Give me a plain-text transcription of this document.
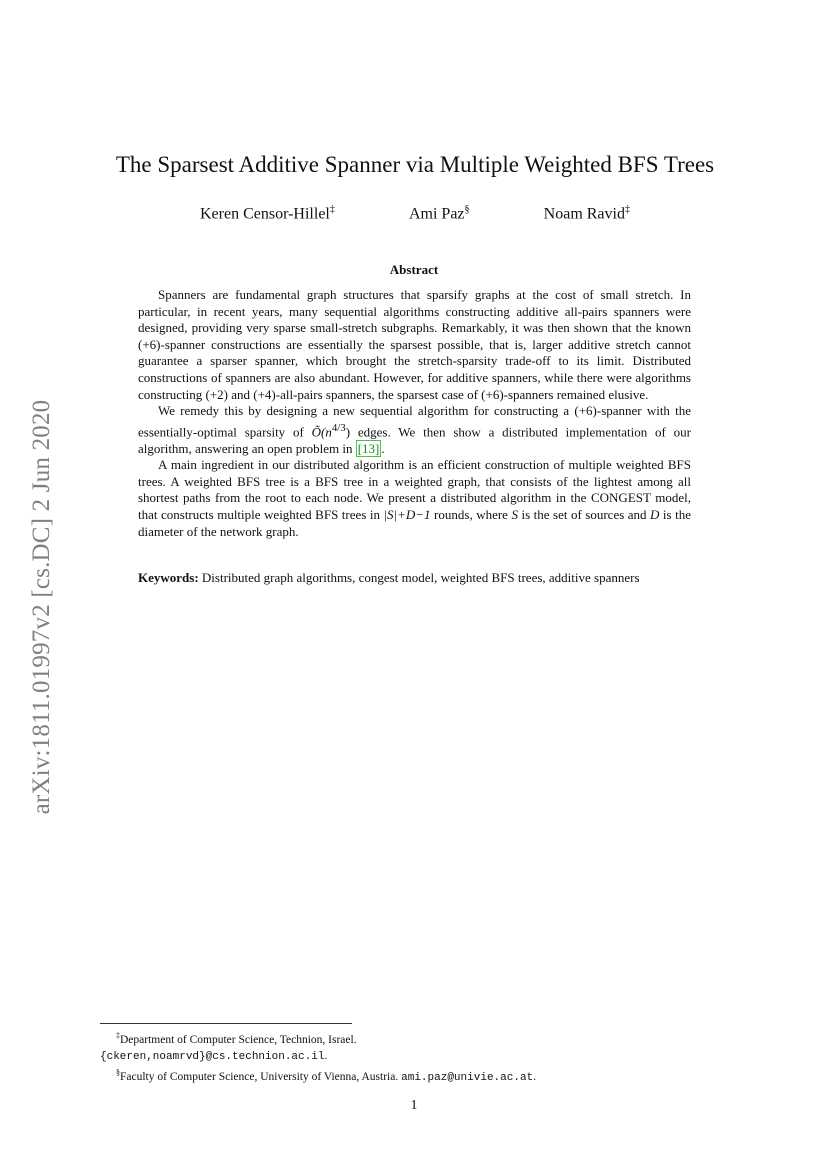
arXiv:1811.01997v2 [cs.DC] 2 Jun 2020
The Sparsest Additive Spanner via Multiple Weighted BFS Trees
Keren Censor-Hillel‡	Ami Paz§	Noam Ravid‡
Abstract

Spanners are fundamental graph structures that sparsify graphs at the cost of small stretch. In particular, in recent years, many sequential algorithms constructing additive all-pairs spanners were designed, providing very sparse small-stretch subgraphs. Remarkably, it was then shown that the known (+6)-spanner constructions are essentially the sparsest possible, that is, larger additive stretch cannot guarantee a sparser spanner, which brought the stretch-sparsity trade-off to its limit. Distributed constructions of spanners are also abundant. However, for additive spanners, while there were algorithms constructing (+2) and (+4)-all-pairs spanners, the sparsest case of (+6)-spanners remained elusive.

We remedy this by designing a new sequential algorithm for constructing a (+6)-spanner with the essentially-optimal sparsity of $Õ(n^{4/3})$ edges. We then show a distributed implementation of our algorithm, answering an open problem in [13] .

A main ingredient in our distributed algorithm is an efficient construction of multiple weighted BFS trees. A weighted BFS tree is a BFS tree in a weighted graph, that consists of the lightest among all shortest paths from the root to each node. We present a distributed algorithm in the CONGEST model, that constructs multiple weighted BFS trees in |S|+D−1 rounds, where S is the set of sources and D is the diameter of the network graph.

Keywords: Distributed graph algorithms, congest model, weighted BFS trees, additive spanners
‡Department of Computer Science, Technion, Israel.
{ckeren,noamrvd}@cs.technion.ac.il.
§Faculty of Computer Science, University of Vienna, Austria. ami.paz@univie.ac.at.
1
